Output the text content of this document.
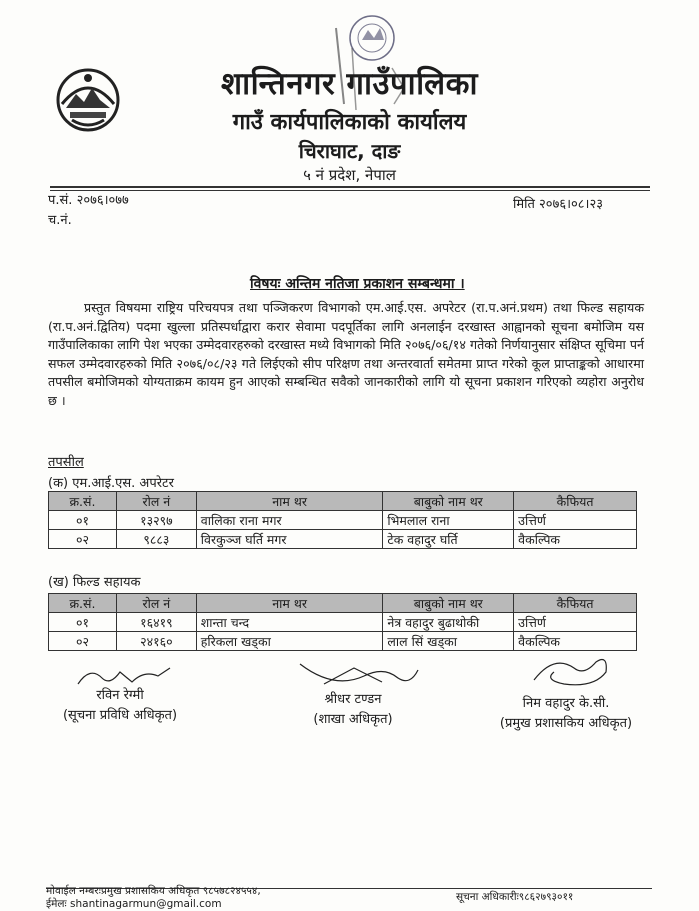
शान्तिनगर गाउँपालिका
गाउँ कार्यपालिकाको कार्यालय
चिराघाट, दाङ
५ नं प्रदेश, नेपाल
प.सं. २०७६।०७७
च.नं.
मिति २०७६।०८।२३
विषयः अन्तिम नतिजा प्रकाशन सम्बन्धमा ।
प्रस्तुत विषयमा राष्ट्रिय परिचयपत्र तथा पञ्जिकरण विभागको एम.आई.एस. अपरेटर (रा.प.अनं.प्रथम) तथा फिल्ड सहायक (रा.प.अनं.द्वितिय) पदमा खुल्ला प्रतिस्पर्धाद्वारा करार सेवामा पदपूर्तिका लागि अनलाईन दरखास्त आह्वानको सूचना बमोजिम यस गाउँपालिकाका लागि पेश भएका उम्मेदवारहरुको दरखास्त मध्ये विभागको मिति २०७६/०६/१४ गतेको निर्णयानुसार संक्षिप्त सूचिमा पर्न सफल उम्मेदवारहरुको मिति २०७६/०८/२३ गते लिईएको सीप परिक्षण तथा अन्तरवार्ता समेतमा प्राप्त गरेको कूल प्राप्ताङ्कको आधारमा तपसील बमोजिमको योग्यताक्रम कायम हुन आएको सम्बन्धित सवैको जानकारीको लागि यो सूचना प्रकाशन गरिएको व्यहोरा अनुरोध छ ।
तपसील
(क) एम.आई.एस. अपरेटर
क्र.सं.	रोल नं	नाम थर	बाबुको नाम थर	कैफियत
०१	१३२९७	वालिका राना मगर	भिमलाल राना	उत्तिर्ण
०२	९८८३	विरकुञ्ज घर्ति मगर	टेक वहादुर घर्ति	वैकल्पिक
(ख) फिल्ड सहायक
क्र.सं.	रोल नं	नाम थर	बाबुको नाम थर	कैफियत
०१	१६४१९	शान्ता चन्द	नेत्र वहादुर बुढाथोकी	उत्तिर्ण
०२	२४१६०	हरिकला खड्का	लाल सिं खड्का	वैकल्पिक
रविन रेग्मी
(सूचना प्रविधि अधिकृत)
श्रीधर टण्डन
(शाखा अधिकृत)
निम वहादुर के.सी.
(प्रमुख प्रशासकिय अधिकृत)
मोवाईल नम्बरःप्रमुख प्रशासकिय अधिकृत ९८५७८२४५५४,
ईमेलः shantinagarmun@gmail.com
सूचना अधिकारीः९८६२७९३०११
